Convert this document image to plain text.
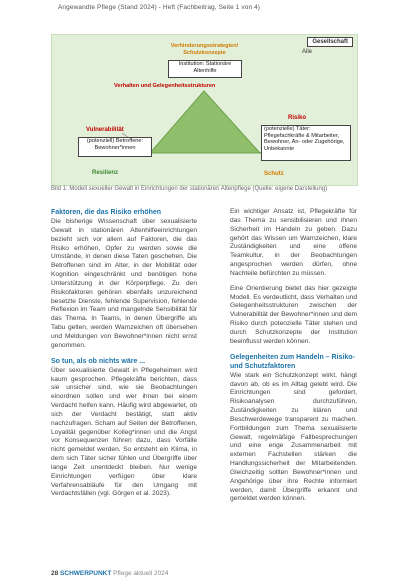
Angewandte Pflege (Stand 2024) - Heft (Fachbeitrag, Seite 1 von 4)
Gesellschaft
Verhinderungsstrategien/ Schutzkonzepte	Alle
Institution: Stationäre Altenhilfe
Verhalten und Gelegenheitsstrukturen
Vulnerabilität
Risiko
(potenziell) Betroffene: Bewohner*innen
(potenzielle) Täter: Pflegefachkräfte & Mitarbeiter, Bewohner, An- oder Zugehörige, Unbekannte
Resilienz	Schutz
Bild 1: Modell sexueller Gewalt in Einrichtungen der stationären Altenpflege (Quelle: eigene Darstellung)
Faktoren, die das Risiko erhöhen
Die bisherige Wissenschaft über sexualisierte Gewalt in stationären Altenhilfeeinrichtungen bezieht sich vor allem auf Faktoren, die das Risiko erhöhen, Opfer zu werden sowie die Umstände, in denen diese Taten geschehen. Die Betroffenen sind im Alter, in der Mobilität oder Kognition eingeschränkt und benötigen hohe Unterstützung in der Körperpflege. Zu den Risikofaktoren gehören ebenfalls unzureichend besetzte Dienste, fehlende Supervision, fehlende Reflexion im Team und mangelnde Sensibilität für das Thema. In Teams, in denen Übergriffe als Tabu gelten, werden Warnzeichen oft übersehen und Meldungen von Bewohner*innen nicht ernst genommen.
So tun, als ob nichts wäre ...
Über sexualisierte Gewalt in Pflegeheimen wird kaum gesprochen. Pflegekräfte berichten, dass sie unsicher sind, wie sie Beobachtungen einordnen sollen und wer ihnen bei einem Verdacht helfen kann. Häufig wird abgewartet, ob sich der Verdacht bestätigt, statt aktiv nachzufragen. Scham auf Seiten der Betroffenen, Loyalität gegenüber Kolleg*innen und die Angst vor Konsequenzen führen dazu, dass Vorfälle nicht gemeldet werden. So entsteht ein Klima, in dem sich Täter sicher fühlen und Übergriffe über lange Zeit unentdeckt bleiben. Nur wenige Einrichtungen verfügen über klare Verfahrensabläufe für den Umgang mit Verdachtsfällen (vgl. Görgen et al. 2023).
Ein wichtiger Ansatz ist, Pflegekräfte für das Thema zu sensibilisieren und ihnen Sicherheit im Handeln zu geben. Dazu gehört das Wissen um Warnzeichen, klare Zuständigkeiten und eine offene Teamkultur, in der Beobachtungen angesprochen werden dürfen, ohne Nachteile befürchten zu müssen.
Eine Orientierung bietet das hier gezeigte Modell. Es verdeutlicht, dass Verhalten und Gelegenheitsstrukturen zwischen der Vulnerabilität der Bewohner*innen und dem Risiko durch potenzielle Täter stehen und durch Schutzkonzepte der Institution beeinflusst werden können.
Gelegenheiten zum Handeln – Risiko- und Schutzfaktoren
Wie stark ein Schutzkonzept wirkt, hängt davon ab, ob es im Alltag gelebt wird. Die Einrichtungen sind gefordert, Risikoanalysen durchzuführen, Zuständigkeiten zu klären und Beschwerdewege transparent zu machen. Fortbildungen zum Thema sexualisierte Gewalt, regelmäßige Fallbesprechungen und eine enge Zusammenarbeit mit externen Fachstellen stärken die Handlungssicherheit der Mitarbeitenden. Gleichzeitig sollten Bewohner*innen und Angehörige über ihre Rechte informiert werden, damit Übergriffe erkannt und gemeldet werden können.
28 SCHWERPUNKT Pflege aktuell 2024
